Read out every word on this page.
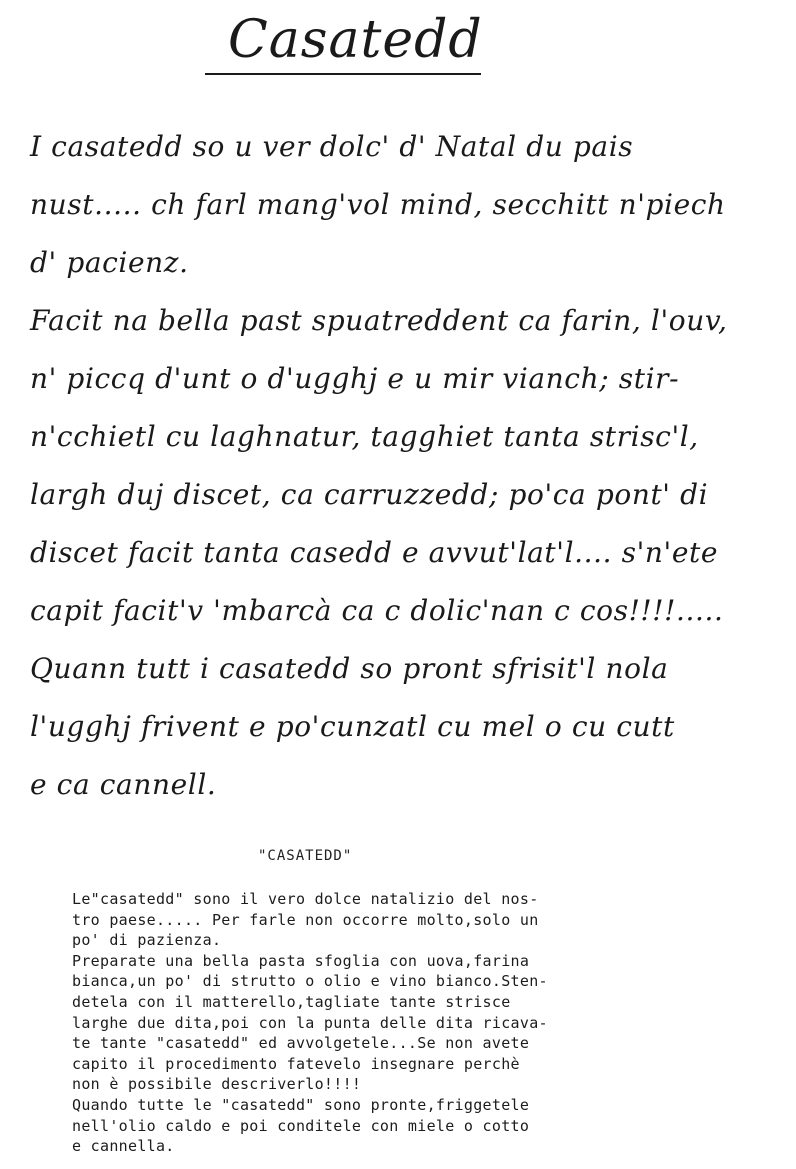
Casatedd
I casatedd so u ver dolc' d' Natal du pais
nust..... ch farl mang'vol mind, secchitt n'piech
d' pacienz.
Facit na bella past spuatreddent ca farin, l'ouv,
n' piccq d'unt o d'ugghj e u mir vianch; stir-
n'cchietl cu laghnatur, tagghiet tanta strisc'l,
largh duj discet, ca carruzzedd; po'ca pont' di
discet facit tanta casedd e avvut'lat'l.... s'n'ete
capit facit'v 'mbarcà ca c dolic'nan c cos!!!!.....
Quann tutt i casatedd so pront sfrisit'l nola
l'ugghj frivent e po'cunzatl cu mel o cu cutt
e ca cannell.
"CASATEDD"
Le"casatedd" sono il vero dolce natalizio del nos-
tro paese..... Per farle non occorre molto,solo un
po' di pazienza.
Preparate una bella pasta sfoglia con uova,farina
bianca,un po' di strutto o olio e vino bianco.Sten-
detela con il matterello,tagliate tante strisce
larghe due dita,poi con la punta delle dita ricava-
te tante "casatedd" ed avvolgetele...Se non avete
capito il procedimento fatevelo insegnare perchè
non è possibile descriverlo!!!!
Quando tutte le "casatedd" sono pronte,friggetele
nell'olio caldo e poi conditele con miele o cotto
e cannella.
